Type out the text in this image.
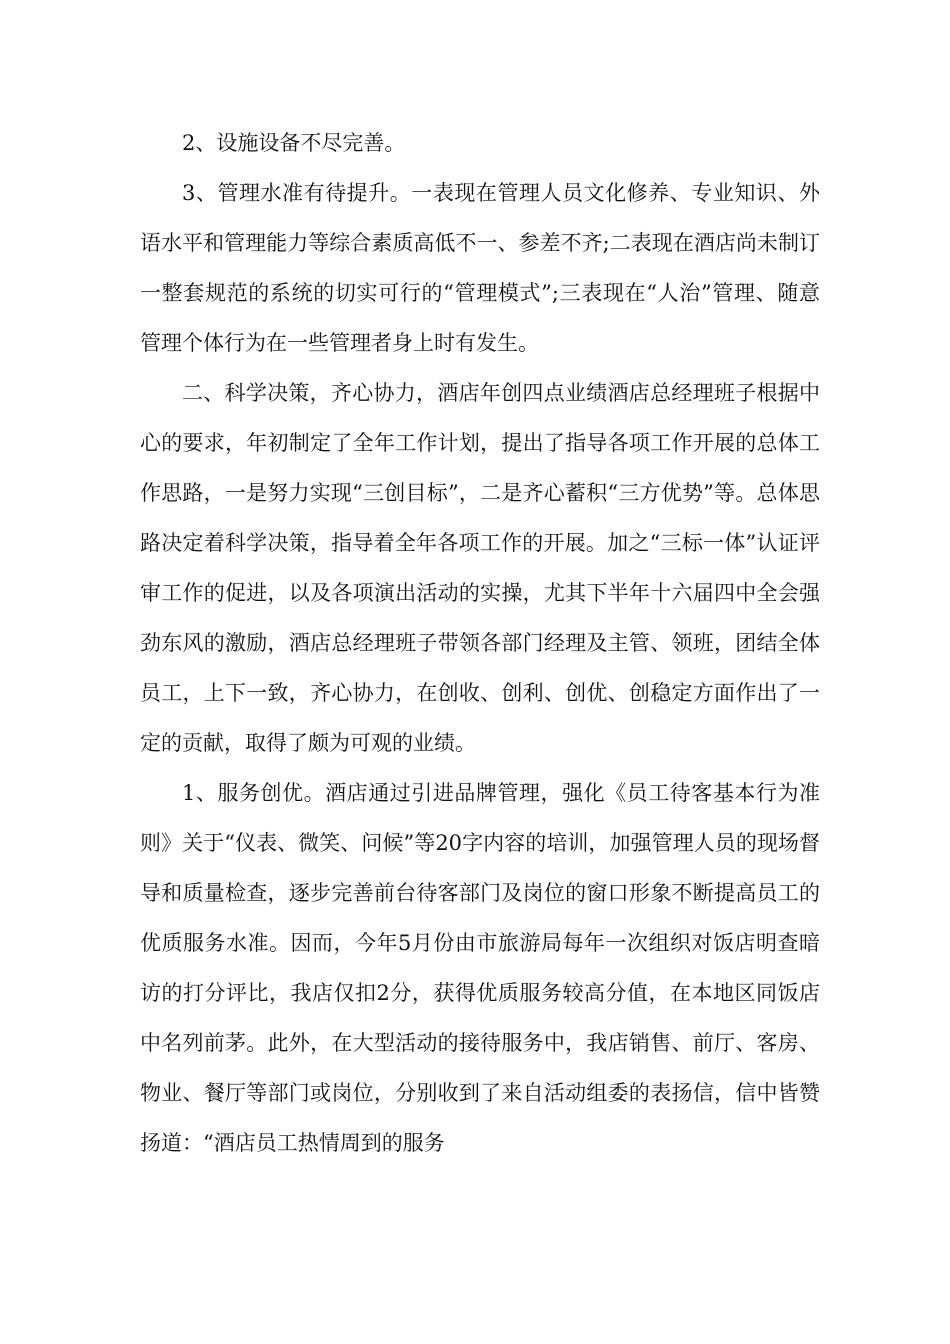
2、设施设备不尽完善。

3、管理水准有待提升。一表现在管理人员文化修养、专业知识、外语水平和管理能力等综合素质高低不一、参差不齐;二表现在酒店尚未制订一整套规范的系统的切实可行的“管理模式”;三表现在“人治”管理、随意管理个体行为在一些管理者身上时有发生。

二、科学决策，齐心协力，酒店年创四点业绩酒店总经理班子根据中心的要求，年初制定了全年工作计划，提出了指导各项工作开展的总体工作思路，一是努力实现“三创目标”，二是齐心蓄积“三方优势”等。总体思路决定着科学决策，指导着全年各项工作的开展。加之“三标一体”认证评审工作的促进，以及各项演出活动的实操，尤其下半年十六届四中全会强劲东风的激励，酒店总经理班子带领各部门经理及主管、领班，团结全体员工，上下一致，齐心协力，在创收、创利、创优、创稳定方面作出了一定的贡献，取得了颇为可观的业绩。

1、服务创优。酒店通过引进品牌管理，强化《员工待客基本行为准则》关于“仪表、微笑、问候”等20字内容的培训，加强管理人员的现场督导和质量检查，逐步完善前台待客部门及岗位的窗口形象不断提高员工的优质服务水准。因而，今年5月份由市旅游局每年一次组织对饭店明查暗访的打分评比，我店仅扣2分，获得优质服务较高分值，在本地区同饭店中名列前茅。此外，在大型活动的接待服务中，我店销售、前厅、客房、物业、餐厅等部门或岗位，分别收到了来自活动组委的表扬信，信中皆赞扬道：“酒店员工热情周到的服务
